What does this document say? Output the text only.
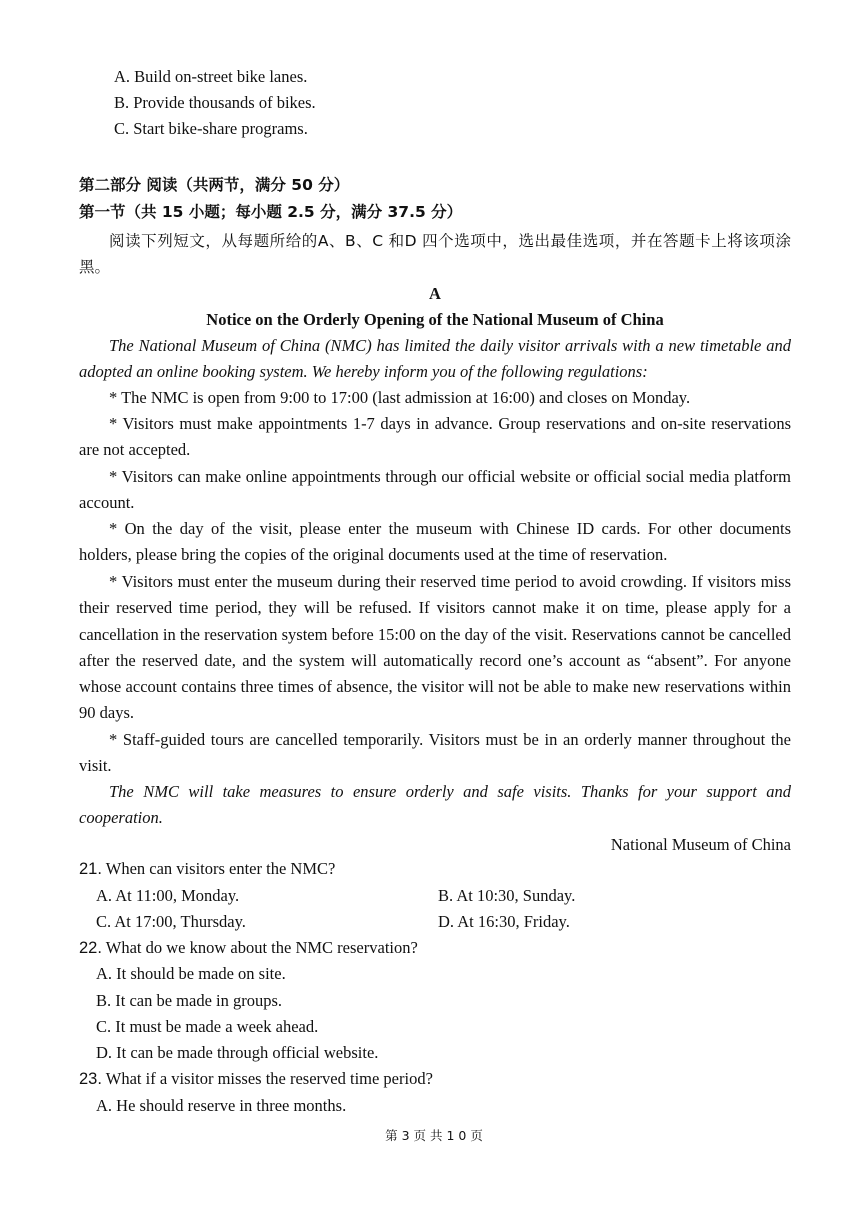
A. Build on-street bike lanes.
B. Provide thousands of bikes.
C. Start bike-share programs.
第二部分 阅读（共两节，满分 50 分）
第一节（共 15 小题；每小题 2.5 分，满分 37.5 分）
阅读下列短文，从每题所给的A、B、C 和D 四个选项中，选出最佳选项，并在答题卡上将该项涂黑。
A
Notice on the Orderly Opening of the National Museum of China
The National Museum of China (NMC) has limited the daily visitor arrivals with a new timetable and adopted an online booking system. We hereby inform you of the following regulations:
* The NMC is open from 9:00 to 17:00 (last admission at 16:00) and closes on Monday.
* Visitors must make appointments 1-7 days in advance. Group reservations and on-site reservations are not accepted.
* Visitors can make online appointments through our official website or official social media platform account.
* On the day of the visit, please enter the museum with Chinese ID cards. For other documents holders, please bring the copies of the original documents used at the time of reservation.
* Visitors must enter the museum during their reserved time period to avoid crowding. If visitors miss their reserved time period, they will be refused. If visitors cannot make it on time, please apply for a cancellation in the reservation system before 15:00 on the day of the visit. Reservations cannot be cancelled after the reserved date, and the system will automatically record one’s account as “absent”. For anyone whose account contains three times of absence, the visitor will not be able to make new reservations within 90 days.
* Staff-guided tours are cancelled temporarily. Visitors must be in an orderly manner throughout the visit.
The NMC will take measures to ensure orderly and safe visits. Thanks for your support and cooperation.
National Museum of China
21. When can visitors enter the NMC?
A. At 11:00, Monday.	B. At 10:30, Sunday.
C. At 17:00, Thursday.	D. At 16:30, Friday.
22. What do we know about the NMC reservation?
A. It should be made on site.
B. It can be made in groups.
C. It must be made a week ahead.
D. It can be made through official website.
23. What if a visitor misses the reserved time period?
A. He should reserve in three months.
第 3 页 共 1 0 页
